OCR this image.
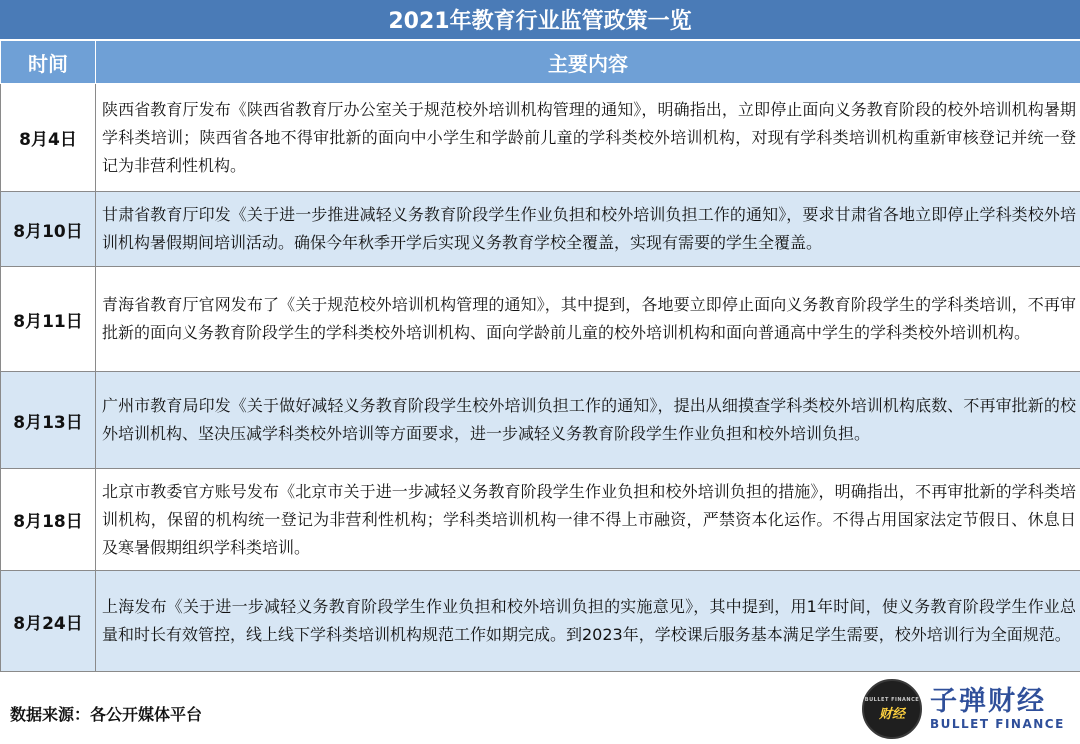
2021年教育行业监管政策一览
时间	主要内容
8月4日	陕西省教育厅发布《陕西省教育厅办公室关于规范校外培训机构管理的通知》，明确指出，立即停止面向义务教育阶段的校外培训机构暑期学科类培训；陕西省各地不得审批新的面向中小学生和学龄前儿童的学科类校外培训机构，对现有学科类培训机构重新审核登记并统一登记为非营利性机构。
8月10日	甘肃省教育厅印发《关于进一步推进减轻义务教育阶段学生作业负担和校外培训负担工作的通知》，要求甘肃省各地立即停止学科类校外培训机构暑假期间培训活动。确保今年秋季开学后实现义务教育学校全覆盖，实现有需要的学生全覆盖。
8月11日	青海省教育厅官网发布了《关于规范校外培训机构管理的通知》，其中提到，各地要立即停止面向义务教育阶段学生的学科类培训，不再审批新的面向义务教育阶段学生的学科类校外培训机构、面向学龄前儿童的校外培训机构和面向普通高中学生的学科类校外培训机构。
8月13日	广州市教育局印发《关于做好减轻义务教育阶段学生校外培训负担工作的通知》，提出从细摸查学科类校外培训机构底数、不再审批新的校外培训机构、坚决压减学科类校外培训等方面要求，进一步减轻义务教育阶段学生作业负担和校外培训负担。
8月18日	北京市教委官方账号发布《北京市关于进一步减轻义务教育阶段学生作业负担和校外培训负担的措施》，明确指出，不再审批新的学科类培训机构，保留的机构统一登记为非营利性机构；学科类培训机构一律不得上市融资，严禁资本化运作。不得占用国家法定节假日、休息日及寒暑假期组织学科类培训。
8月24日	上海发布《关于进一步减轻义务教育阶段学生作业负担和校外培训负担的实施意见》，其中提到，用1年时间，使义务教育阶段学生作业总量和时长有效管控，线上线下学科类培训机构规范工作如期完成。到2023年，学校课后服务基本满足学生需要，校外培训行为全面规范。
数据来源：各公开媒体平台
BULLET FINANCE
财经 子弹财经
BULLET FINANCE
